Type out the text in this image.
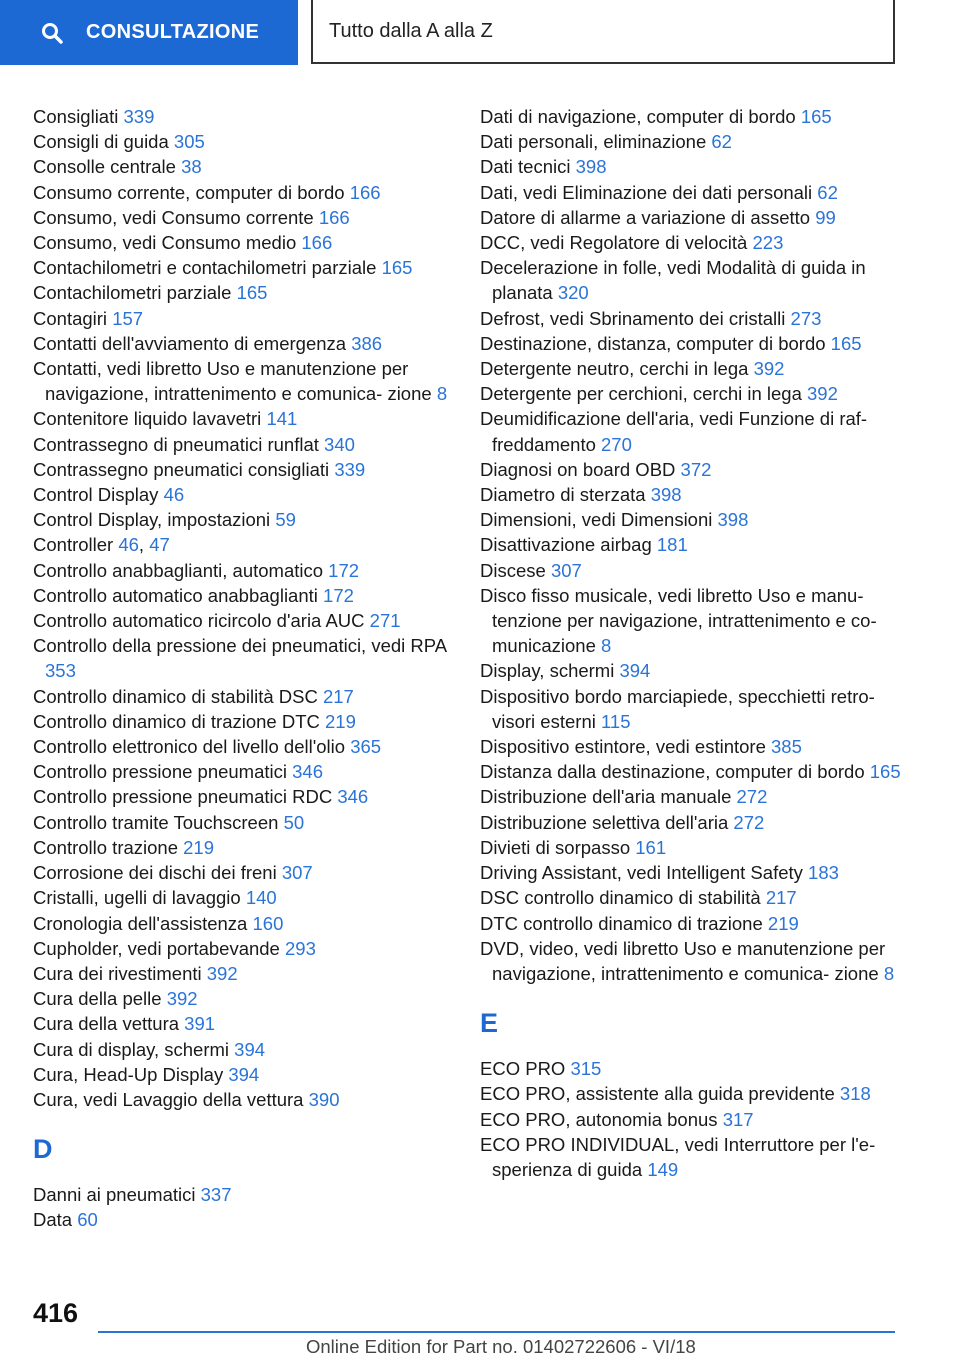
CONSULTAZIONE	Tutto dalla A alla Z
Consigliati 339
Consigli di guida 305
Consolle centrale 38
Consumo corrente, computer di bordo 166
Consumo, vedi Consumo corrente 166
Consumo, vedi Consumo medio 166
Contachilometri e contachilometri parziale 165
Contachilometri parziale 165
Contagiri 157
Contatti dell'avviamento di emergenza 386
Contatti, vedi libretto Uso e manutenzione per navigazione, intrattenimento e comunica- zione 8
Contenitore liquido lavavetri 141
Contrassegno di pneumatici runflat 340
Contrassegno pneumatici consigliati 339
Control Display 46
Control Display, impostazioni 59
Controller 46, 47
Controllo anabbaglianti, automatico 172
Controllo automatico anabbaglianti 172
Controllo automatico ricircolo d'aria AUC 271
Controllo della pressione dei pneumatici, vedi RPA 353
Controllo dinamico di stabilità DSC 217
Controllo dinamico di trazione DTC 219
Controllo elettronico del livello dell'olio 365
Controllo pressione pneumatici 346
Controllo pressione pneumatici RDC 346
Controllo tramite Touchscreen 50
Controllo trazione 219
Corrosione dei dischi dei freni 307
Cristalli, ugelli di lavaggio 140
Cronologia dell'assistenza 160
Cupholder, vedi portabevande 293
Cura dei rivestimenti 392
Cura della pelle 392
Cura della vettura 391
Cura di display, schermi 394
Cura, Head-Up Display 394
Cura, vedi Lavaggio della vettura 390
D
Danni ai pneumatici 337
Data 60
Dati di navigazione, computer di bordo 165
Dati personali, eliminazione 62
Dati tecnici 398
Dati, vedi Eliminazione dei dati personali 62
Datore di allarme a variazione di assetto 99
DCC, vedi Regolatore di velocità 223
Decelerazione in folle, vedi Modalità di guida in planata 320
Defrost, vedi Sbrinamento dei cristalli 273
Destinazione, distanza, computer di bordo 165
Detergente neutro, cerchi in lega 392
Detergente per cerchioni, cerchi in lega 392
Deumidificazione dell'aria, vedi Funzione di raf- freddamento 270
Diagnosi on board OBD 372
Diametro di sterzata 398
Dimensioni, vedi Dimensioni 398
Disattivazione airbag 181
Discese 307
Disco fisso musicale, vedi libretto Uso e manu- tenzione per navigazione, intrattenimento e co- municazione 8
Display, schermi 394
Dispositivo bordo marciapiede, specchietti retro- visori esterni 115
Dispositivo estintore, vedi estintore 385
Distanza dalla destinazione, computer di bordo 165
Distribuzione dell'aria manuale 272
Distribuzione selettiva dell'aria 272
Divieti di sorpasso 161
Driving Assistant, vedi Intelligent Safety 183
DSC controllo dinamico di stabilità 217
DTC controllo dinamico di trazione 219
DVD, video, vedi libretto Uso e manutenzione per navigazione, intrattenimento e comunica- zione 8
E
ECO PRO 315
ECO PRO, assistente alla guida previdente 318
ECO PRO, autonomia bonus 317
ECO PRO INDIVIDUAL, vedi Interruttore per l'e- sperienza di guida 149
416
Online Edition for Part no. 01402722606 - VI/18
